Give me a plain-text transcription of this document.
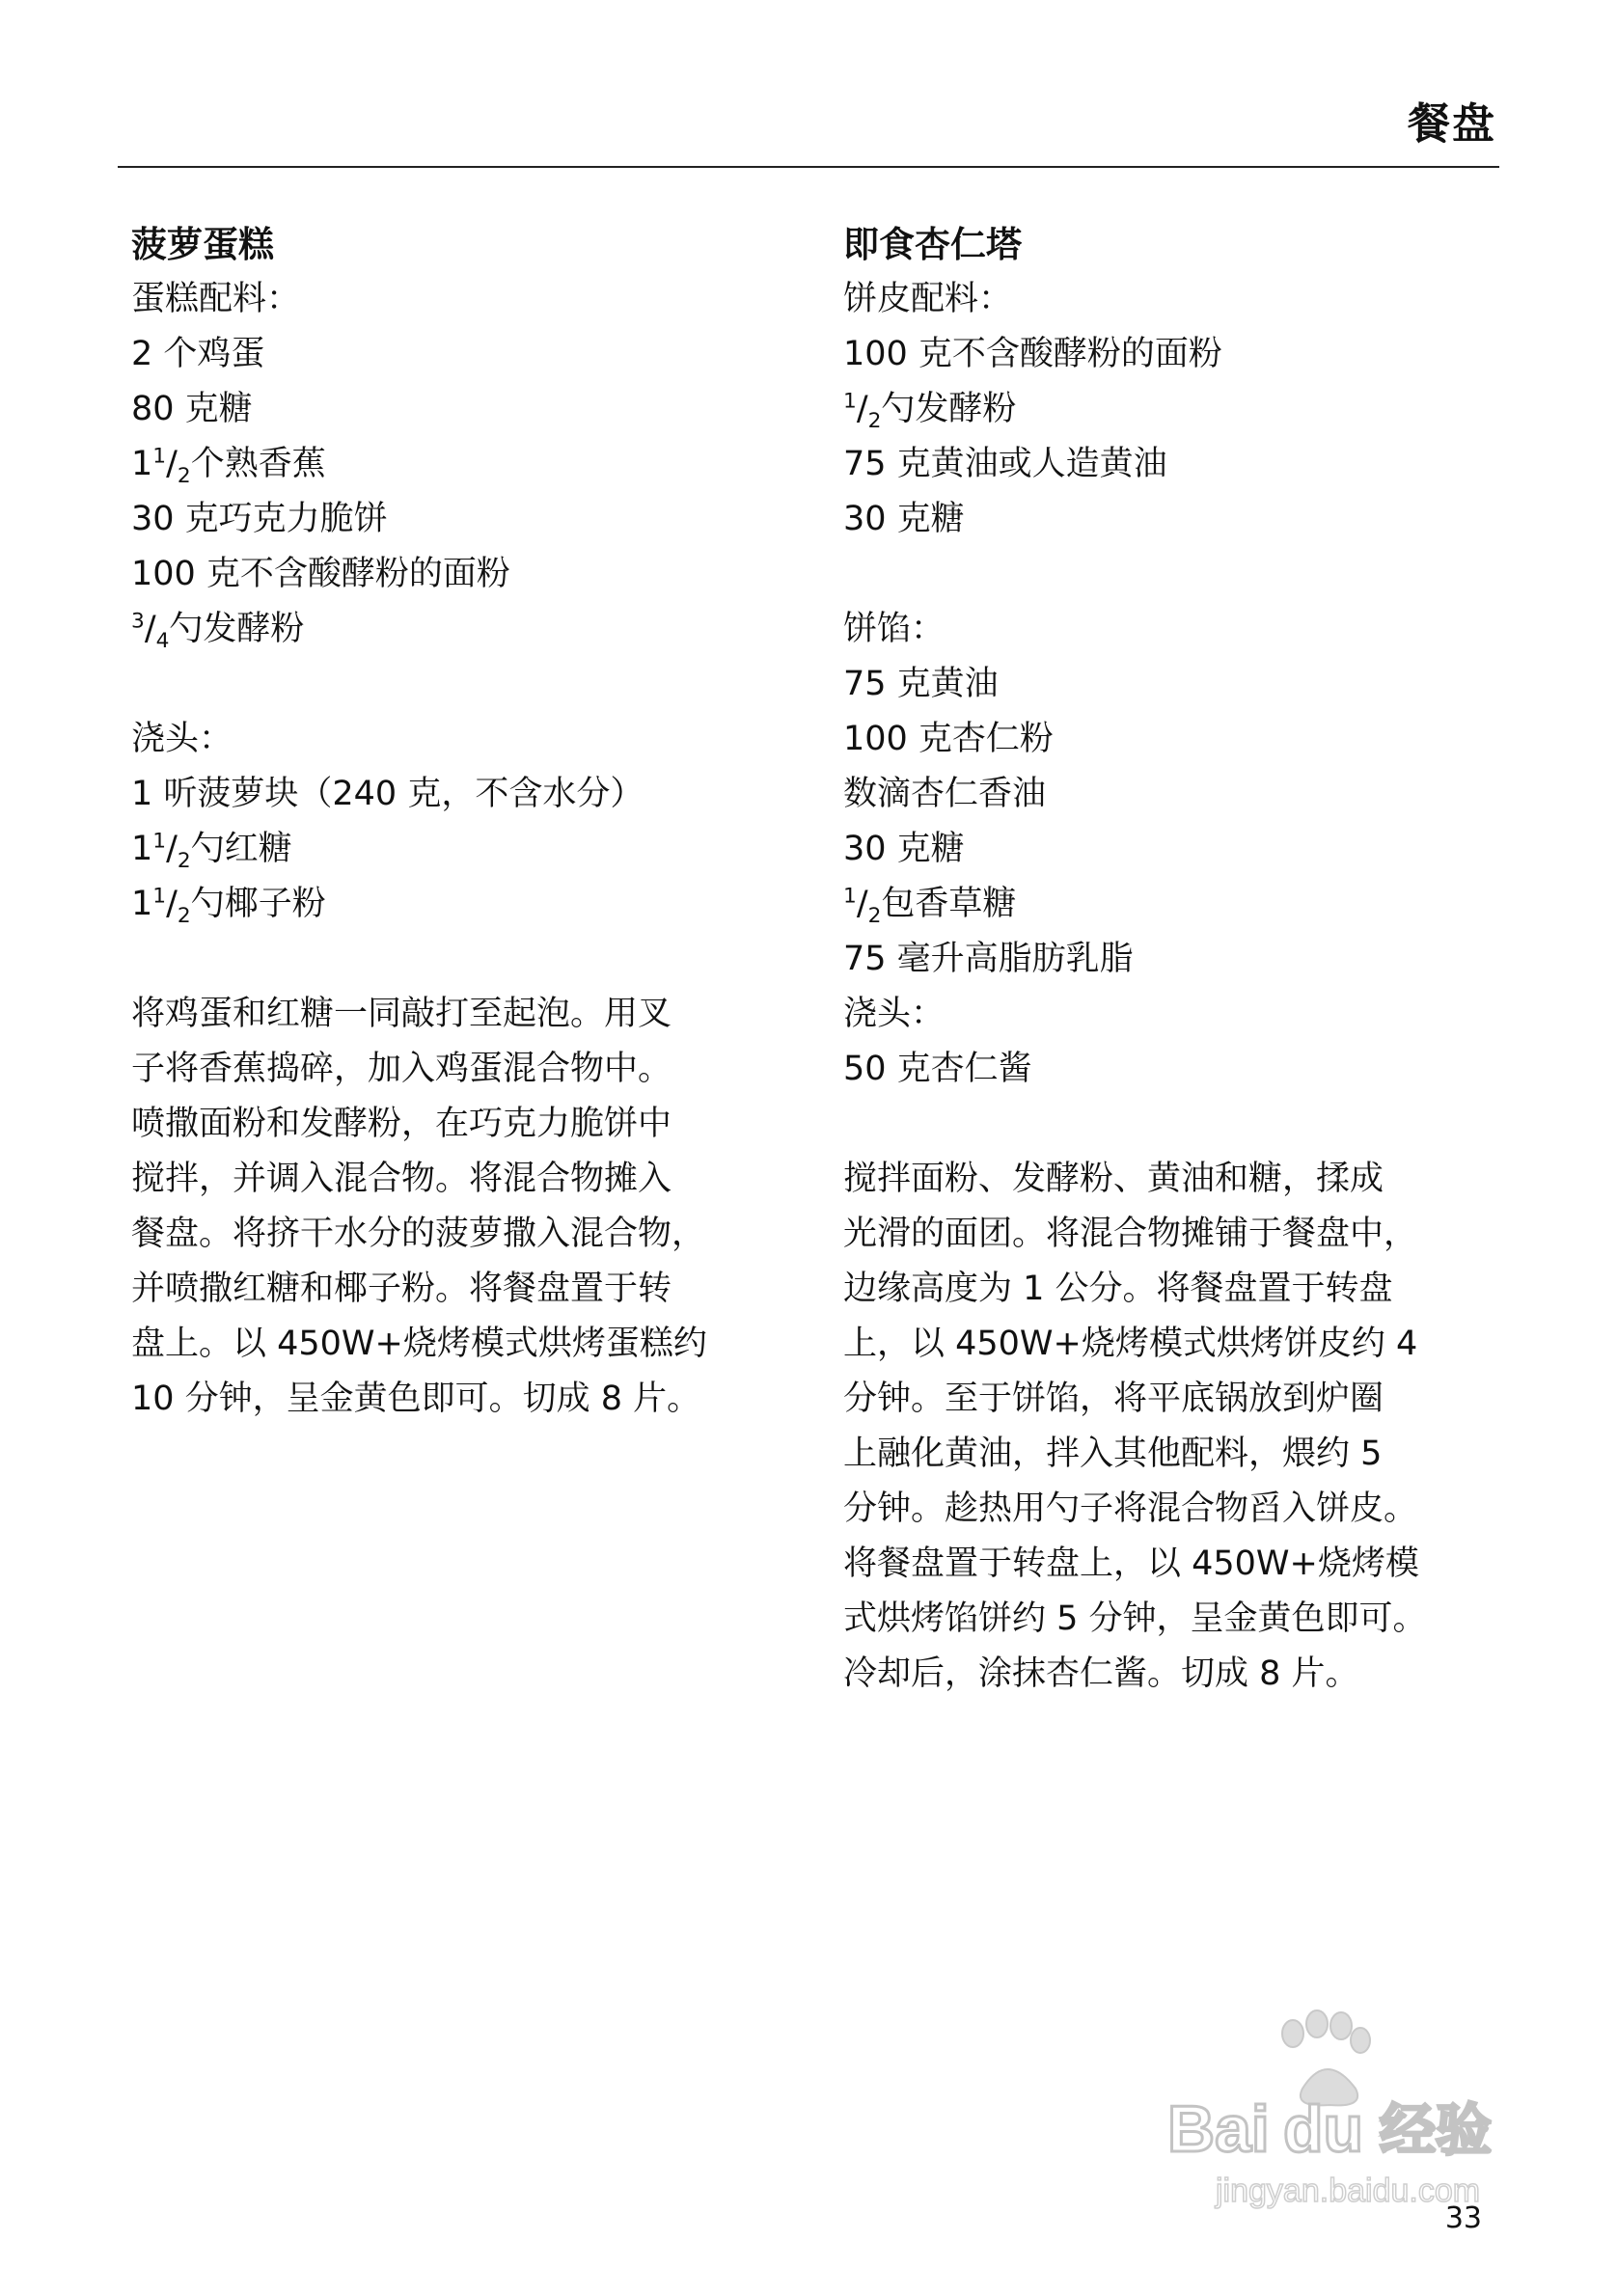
餐盘

菠萝蛋糕

蛋糕配料：

2 个鸡蛋

80 克糖

$1^1/_2$个熟香蕉

30 克巧克力脆饼

100 克不含酸酵粉的面粉

$^3/_4$勺发酵粉

浇头：

1 听菠萝块（240 克，不含水分）

$1^1/_2$勺红糖

$1^1/_2$勺椰子粉

将鸡蛋和红糖一同敲打至起泡。用叉

子将香蕉捣碎，加入鸡蛋混合物中。

喷撒面粉和发酵粉，在巧克力脆饼中

搅拌，并调入混合物。将混合物摊入

餐盘。将挤干水分的菠萝撒入混合物，

并喷撒红糖和椰子粉。将餐盘置于转

盘上。以 450W+烧烤模式烘烤蛋糕约

10 分钟，呈金黄色即可。切成 8 片。

即食杏仁塔

饼皮配料：

100 克不含酸酵粉的面粉

$^1/_2$勺发酵粉

75 克黄油或人造黄油

30 克糖

饼馅：

75 克黄油

100 克杏仁粉

数滴杏仁香油

30 克糖

$^1/_2$包香草糖

75 毫升高脂肪乳脂

浇头：

50 克杏仁酱

搅拌面粉、发酵粉、黄油和糖，揉成

光滑的面团。将混合物摊铺于餐盘中，

边缘高度为 1 公分。将餐盘置于转盘

上，以 450W+烧烤模式烘烤饼皮约 4

分钟。至于饼馅，将平底锅放到炉圈

上融化黄油，拌入其他配料，煨约 5

分钟。趁热用勺子将混合物舀入饼皮。

将餐盘置于转盘上，以 450W+烧烤模

式烘烤馅饼约 5 分钟，呈金黄色即可。

冷却后，涂抹杏仁酱。切成 8 片。

Bai du 经验
jingyan.baidu.com
33
